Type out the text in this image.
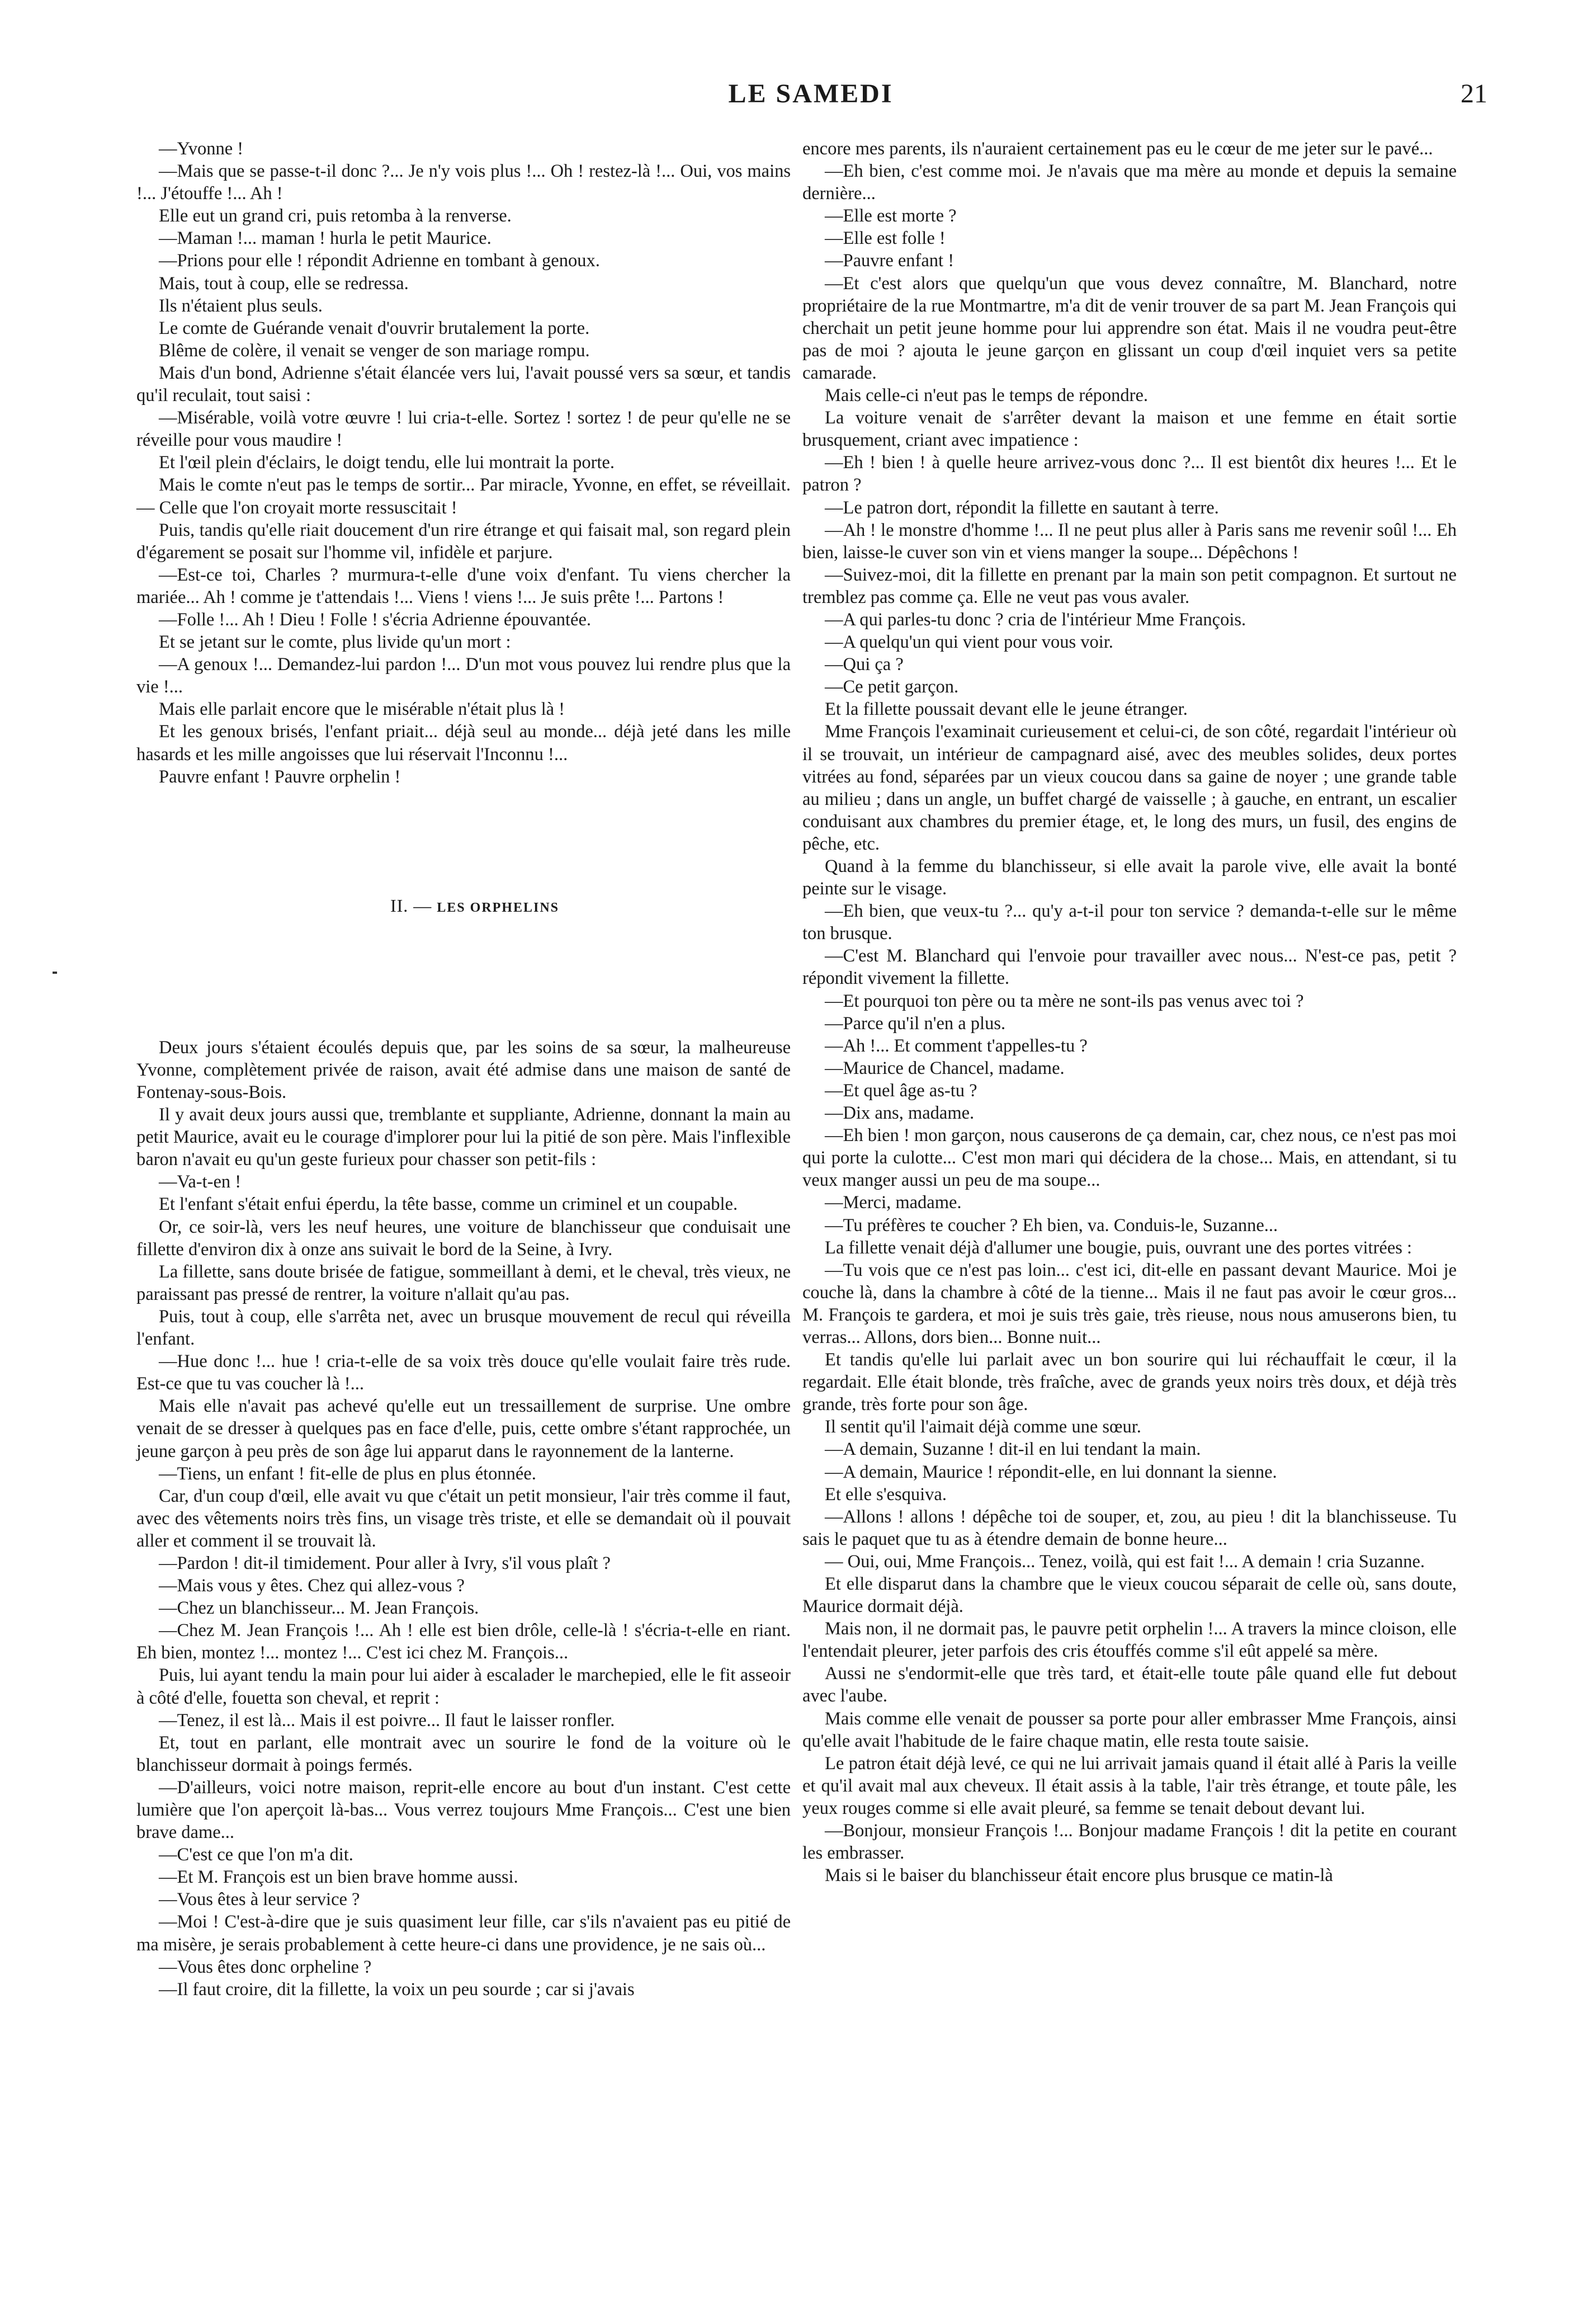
LE SAMEDI	21

—Yvonne !

—Mais que se passe-t-il donc ?... Je n'y vois plus !... Oh ! restez-là !... Oui, vos mains !... J'étouffe !... Ah !

Elle eut un grand cri, puis retomba à la renverse.

—Maman !... maman ! hurla le petit Maurice.

—Prions pour elle ! répondit Adrienne en tombant à genoux.

Mais, tout à coup, elle se redressa.

Ils n'étaient plus seuls.

Le comte de Guérande venait d'ouvrir brutalement la porte.

Blême de colère, il venait se venger de son mariage rompu.

Mais d'un bond, Adrienne s'était élancée vers lui, l'avait poussé vers sa sœur, et tandis qu'il reculait, tout saisi :

—Misérable, voilà votre œuvre ! lui cria-t-elle. Sortez ! sortez ! de peur qu'elle ne se réveille pour vous maudire !

Et l'œil plein d'éclairs, le doigt tendu, elle lui montrait la porte.

Mais le comte n'eut pas le temps de sortir... Par miracle, Yvonne, en effet, se réveillait. — Celle que l'on croyait morte ressuscitait !

Puis, tandis qu'elle riait doucement d'un rire étrange et qui faisait mal, son regard plein d'égarement se posait sur l'homme vil, infidèle et parjure.

—Est-ce toi, Charles ? murmura-t-elle d'une voix d'enfant. Tu viens chercher la mariée... Ah ! comme je t'attendais !... Viens ! viens !... Je suis prête !... Partons !

—Folle !... Ah ! Dieu ! Folle ! s'écria Adrienne épouvantée.

Et se jetant sur le comte, plus livide qu'un mort :

—A genoux !... Demandez-lui pardon !... D'un mot vous pouvez lui rendre plus que la vie !...

Mais elle parlait encore que le misérable n'était plus là !

Et les genoux brisés, l'enfant priait... déjà seul au monde... déjà jeté dans les mille hasards et les mille angoisses que lui réservait l'Inconnu !...

Pauvre enfant ! Pauvre orphelin !

II. — LES ORPHELINS

Deux jours s'étaient écoulés depuis que, par les soins de sa sœur, la malheureuse Yvonne, complètement privée de raison, avait été admise dans une maison de santé de Fontenay-sous-Bois.

Il y avait deux jours aussi que, tremblante et suppliante, Adrienne, donnant la main au petit Maurice, avait eu le courage d'implorer pour lui la pitié de son père. Mais l'inflexible baron n'avait eu qu'un geste furieux pour chasser son petit-fils :

—Va-t-en !

Et l'enfant s'était enfui éperdu, la tête basse, comme un criminel et un coupable.

Or, ce soir-là, vers les neuf heures, une voiture de blanchisseur que conduisait une fillette d'environ dix à onze ans suivait le bord de la Seine, à Ivry.

La fillette, sans doute brisée de fatigue, sommeillant à demi, et le cheval, très vieux, ne paraissant pas pressé de rentrer, la voiture n'allait qu'au pas.

Puis, tout à coup, elle s'arrêta net, avec un brusque mouvement de recul qui réveilla l'enfant.

—Hue donc !... hue ! cria-t-elle de sa voix très douce qu'elle voulait faire très rude. Est-ce que tu vas coucher là !...

Mais elle n'avait pas achevé qu'elle eut un tressaillement de surprise. Une ombre venait de se dresser à quelques pas en face d'elle, puis, cette ombre s'étant rapprochée, un jeune garçon à peu près de son âge lui apparut dans le rayonnement de la lanterne.

—Tiens, un enfant ! fit-elle de plus en plus étonnée.

Car, d'un coup d'œil, elle avait vu que c'était un petit monsieur, l'air très comme il faut, avec des vêtements noirs très fins, un visage très triste, et elle se demandait où il pouvait aller et comment il se trouvait là.

—Pardon ! dit-il timidement. Pour aller à Ivry, s'il vous plaît ?

—Mais vous y êtes. Chez qui allez-vous ?

—Chez un blanchisseur... M. Jean François.

—Chez M. Jean François !... Ah ! elle est bien drôle, celle-là ! s'écria-t-elle en riant. Eh bien, montez !... montez !... C'est ici chez M. François...

Puis, lui ayant tendu la main pour lui aider à escalader le marchepied, elle le fit asseoir à côté d'elle, fouetta son cheval, et reprit :

—Tenez, il est là... Mais il est poivre... Il faut le laisser ronfler.

Et, tout en parlant, elle montrait avec un sourire le fond de la voiture où le blanchisseur dormait à poings fermés.

—D'ailleurs, voici notre maison, reprit-elle encore au bout d'un instant. C'est cette lumière que l'on aperçoit là-bas... Vous verrez toujours Mme François... C'est une bien brave dame...

—C'est ce que l'on m'a dit.

—Et M. François est un bien brave homme aussi.

—Vous êtes à leur service ?

—Moi ! C'est-à-dire que je suis quasiment leur fille, car s'ils n'avaient pas eu pitié de ma misère, je serais probablement à cette heure-ci dans une providence, je ne sais où...

—Vous êtes donc orpheline ?

—Il faut croire, dit la fillette, la voix un peu sourde ; car si j'avais

encore mes parents, ils n'auraient certainement pas eu le cœur de me jeter sur le pavé...

—Eh bien, c'est comme moi. Je n'avais que ma mère au monde et depuis la semaine dernière...

—Elle est morte ?

—Elle est folle !

—Pauvre enfant !

—Et c'est alors que quelqu'un que vous devez connaître, M. Blanchard, notre propriétaire de la rue Montmartre, m'a dit de venir trouver de sa part M. Jean François qui cherchait un petit jeune homme pour lui apprendre son état. Mais il ne voudra peut-être pas de moi ? ajouta le jeune garçon en glissant un coup d'œil inquiet vers sa petite camarade.

Mais celle-ci n'eut pas le temps de répondre.

La voiture venait de s'arrêter devant la maison et une femme en était sortie brusquement, criant avec impatience :

—Eh ! bien ! à quelle heure arrivez-vous donc ?... Il est bientôt dix heures !... Et le patron ?

—Le patron dort, répondit la fillette en sautant à terre.

—Ah ! le monstre d'homme !... Il ne peut plus aller à Paris sans me revenir soûl !... Eh bien, laisse-le cuver son vin et viens manger la soupe... Dépêchons !

—Suivez-moi, dit la fillette en prenant par la main son petit compagnon. Et surtout ne tremblez pas comme ça. Elle ne veut pas vous avaler.

—A qui parles-tu donc ? cria de l'intérieur Mme François.

—A quelqu'un qui vient pour vous voir.

—Qui ça ?

—Ce petit garçon.

Et la fillette poussait devant elle le jeune étranger.

Mme François l'examinait curieusement et celui-ci, de son côté, regardait l'intérieur où il se trouvait, un intérieur de campagnard aisé, avec des meubles solides, deux portes vitrées au fond, séparées par un vieux coucou dans sa gaine de noyer ; une grande table au milieu ; dans un angle, un buffet chargé de vaisselle ; à gauche, en entrant, un escalier conduisant aux chambres du premier étage, et, le long des murs, un fusil, des engins de pêche, etc.

Quand à la femme du blanchisseur, si elle avait la parole vive, elle avait la bonté peinte sur le visage.

—Eh bien, que veux-tu ?... qu'y a-t-il pour ton service ? demanda-t-elle sur le même ton brusque.

—C'est M. Blanchard qui l'envoie pour travailler avec nous... N'est-ce pas, petit ? répondit vivement la fillette.

—Et pourquoi ton père ou ta mère ne sont-ils pas venus avec toi ?

—Parce qu'il n'en a plus.

—Ah !... Et comment t'appelles-tu ?

—Maurice de Chancel, madame.

—Et quel âge as-tu ?

—Dix ans, madame.

—Eh bien ! mon garçon, nous causerons de ça demain, car, chez nous, ce n'est pas moi qui porte la culotte... C'est mon mari qui décidera de la chose... Mais, en attendant, si tu veux manger aussi un peu de ma soupe...

—Merci, madame.

—Tu préfères te coucher ? Eh bien, va. Conduis-le, Suzanne...

La fillette venait déjà d'allumer une bougie, puis, ouvrant une des portes vitrées :

—Tu vois que ce n'est pas loin... c'est ici, dit-elle en passant devant Maurice. Moi je couche là, dans la chambre à côté de la tienne... Mais il ne faut pas avoir le cœur gros... M. François te gardera, et moi je suis très gaie, très rieuse, nous nous amuserons bien, tu verras... Allons, dors bien... Bonne nuit...

Et tandis qu'elle lui parlait avec un bon sourire qui lui réchauffait le cœur, il la regardait. Elle était blonde, très fraîche, avec de grands yeux noirs très doux, et déjà très grande, très forte pour son âge.

Il sentit qu'il l'aimait déjà comme une sœur.

—A demain, Suzanne ! dit-il en lui tendant la main.

—A demain, Maurice ! répondit-elle, en lui donnant la sienne.

Et elle s'esquiva.

—Allons ! allons ! dépêche toi de souper, et, zou, au pieu ! dit la blanchisseuse. Tu sais le paquet que tu as à étendre demain de bonne heure...

— Oui, oui, Mme François... Tenez, voilà, qui est fait !... A demain ! cria Suzanne.

Et elle disparut dans la chambre que le vieux coucou séparait de celle où, sans doute, Maurice dormait déjà.

Mais non, il ne dormait pas, le pauvre petit orphelin !... A travers la mince cloison, elle l'entendait pleurer, jeter parfois des cris étouffés comme s'il eût appelé sa mère.

Aussi ne s'endormit-elle que très tard, et était-elle toute pâle quand elle fut debout avec l'aube.

Mais comme elle venait de pousser sa porte pour aller embrasser Mme François, ainsi qu'elle avait l'habitude de le faire chaque matin, elle resta toute saisie.

Le patron était déjà levé, ce qui ne lui arrivait jamais quand il était allé à Paris la veille et qu'il avait mal aux cheveux. Il était assis à la table, l'air très étrange, et toute pâle, les yeux rouges comme si elle avait pleuré, sa femme se tenait debout devant lui.

—Bonjour, monsieur François !... Bonjour madame François ! dit la petite en courant les embrasser.

Mais si le baiser du blanchisseur était encore plus brusque ce matin-là
